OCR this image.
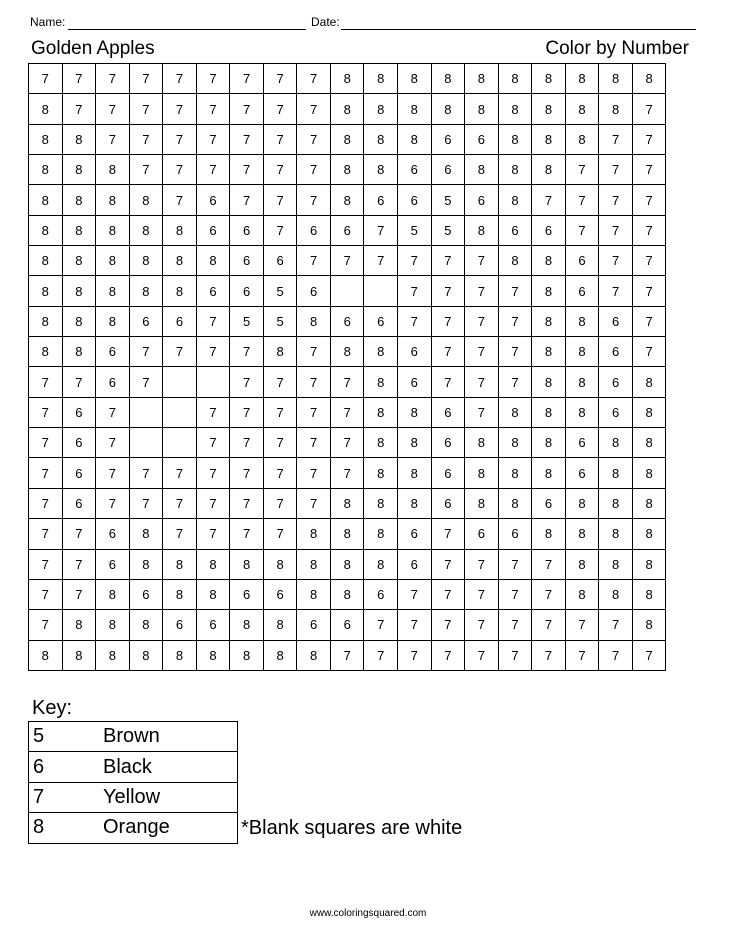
Name:	Date:
Golden Apples	Color by Number
7	7	7	7	7	7	7	7	7	8	8	8	8	8	8	8	8	8	8
8	7	7	7	7	7	7	7	7	8	8	8	8	8	8	8	8	8	7
8	8	7	7	7	7	7	7	7	8	8	8	6	6	8	8	8	7	7
8	8	8	7	7	7	7	7	7	8	8	6	6	8	8	8	7	7	7
8	8	8	8	7	6	7	7	7	8	6	6	5	6	8	7	7	7	7
8	8	8	8	8	6	6	7	6	6	7	5	5	8	6	6	7	7	7
8	8	8	8	8	8	6	6	7	7	7	7	7	7	8	8	6	7	7
8	8	8	8	8	6	6	5	6			7	7	7	7	8	6	7	7
8	8	8	6	6	7	5	5	8	6	6	7	7	7	7	8	8	6	7
8	8	6	7	7	7	7	8	7	8	8	6	7	7	7	8	8	6	7
7	7	6	7			7	7	7	7	8	6	7	7	7	8	8	6	8
7	6	7			7	7	7	7	7	8	8	6	7	8	8	8	6	8
7	6	7			7	7	7	7	7	8	8	6	8	8	8	6	8	8
7	6	7	7	7	7	7	7	7	7	8	8	6	8	8	8	6	8	8
7	6	7	7	7	7	7	7	7	8	8	8	6	8	8	6	8	8	8
7	7	6	8	7	7	7	7	8	8	8	6	7	6	6	8	8	8	8
7	7	6	8	8	8	8	8	8	8	8	6	7	7	7	7	8	8	8
7	7	8	6	8	8	6	6	8	8	6	7	7	7	7	7	8	8	8
7	8	8	8	6	6	8	8	6	6	7	7	7	7	7	7	7	7	8
8	8	8	8	8	8	8	8	8	7	7	7	7	7	7	7	7	7	7
Key:
5	Brown
6	Black
7	Yellow
8	Orange	*Blank squares are white
www.coloringsquared.com
